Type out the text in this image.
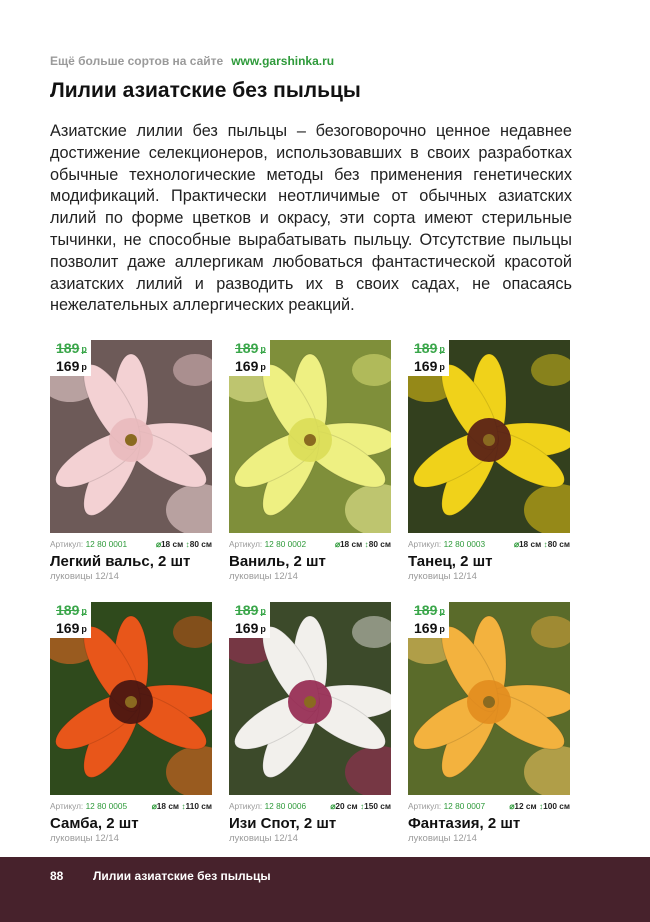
Ещё больше сортов на сайте www.garshinka.ru
Лилии азиатские без пыльцы
Азиатские лилии без пыльцы – безоговорочно ценное недавнее достижение селекционеров, использовавших в своих разработках обычные технологические методы без применения генетических модификаций. Практически неотличимые от обычных азиатских лилий по форме цветков и окрасу, эти сорта имеют стерильные тычинки, не способные вырабатывать пыльцу. Отсутствие пыльцы позволит даже аллергикам любоваться фантастической красотой азиатских лилий и разводить их в своих садах, не опасаясь нежелательных аллергических реакций.
189 р
169 р
Артикул: 12 80 0001	⌀18 см ↕80 см
Легкий вальс, 2 шт
луковицы 12/14
189 р
169 р
Артикул: 12 80 0002	⌀18 см ↕80 см
Ваниль, 2 шт
луковицы 12/14
189 р
169 р
Артикул: 12 80 0003	⌀18 см ↕80 см
Танец, 2 шт
луковицы 12/14
189 р
169 р
Артикул: 12 80 0005	⌀18 см ↕110 см
Самба, 2 шт
луковицы 12/14
189 р
169 р
Артикул: 12 80 0006	⌀20 см ↕150 см
Изи Спот, 2 шт
луковицы 12/14
189 р
169 р
Артикул: 12 80 0007	⌀12 см ↕100 см
Фантазия, 2 шт
луковицы 12/14
88 Лилии азиатские без пыльцы
